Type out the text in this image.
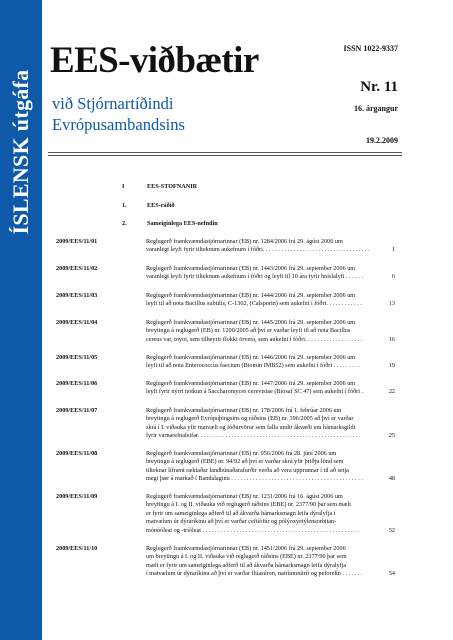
ÍSLENSK útgáfa
ISSN 1022-9337
EES-viðbætir
við Stjórnartíðindi
Evrópusambandsins
Nr. 11
16. árgangur
19.2.2009
I	EES-STOFNANIR
1.	EES-ráðið
2.	Sameiginlega EES-nefndin
2009/EES/11/01	Reglugerð framkvæmdastjórnarinnar (EB) nr. 1284/2006 frá 29. ágúst 2006 um
varanlegt leyfi fyrir tilteknum aukefnum í fóðri. . . . . . . . . . . . . . . . . . . . . . . . . . . . . . . . . . .	1
2009/EES/11/02	Reglugerð framkvæmdastjórnarinnar (EB) nr. 1443/2006 frá 29. september 2006 um
varanlegt leyfi fyrir tilteknum aukefnum í fóðri og leyfi til 10 ára fyrir hníslalyfi . . . . . .	6
2009/EES/11/03	Reglugerð framkvæmdastjórnarinnar (EB) nr. 1444/2006 frá 29. september 2006 um
leyfi til að nota Bacillus subtilis, C-1302, (Calsporin) sem aukefni í fóðri. . . . . . . . . . . .	13
2009/EES/11/04	Reglugerð framkvæmdastjórnarinnar (EB) nr. 1445/2006 frá 29. september 2006 um
breytingu á reglugerð (EB) nr. 1200/2005 að því er varðar leyfi til að nota Bacillus
cereus var, toyoi, sem tilheyrir flokki örvera, sem aukefni í fóðri. . . . . . . . . . . . . . . . . . .	16
2009/EES/11/05	Reglugerð framkvæmdastjórnarinnar (EB) nr. 1446/2006 frá 29. september 2006 um
leyfi til að nota Enterococcus faecium (Biomin IMB52) sem aukefni í fóðri . . . . . . . . .	19
2009/EES/11/06	Reglugerð framkvæmdastjórnarinnar (EB) nr. 1447/2006 frá 29. september 2006 um
leyfi fyrir nýrri notkun á Saccharomyces cerevisiae (Biosaf SC 47) sem aukefni í fóðri .	22
2009/EES/11/07	Reglugerð framkvæmdastjórnarinnar (EB) nr. 178/2006 frá 1. febrúar 2006 um
breytingu á reglugerð Evrópuþingsins og ráðsins (EB) nr. 396/2005 að því er varðar
skrá í I. viðauka yfir matvæli og fóðurvörur sem falla undir ákvæði um hámarksgildi
fyrir varnarefnaleifar. . . . . . . . . . . . . . . . . . . . . . . . . . . . . . . . . . . . . . . . . . . . . . . . . . . . .	25
2009/EES/11/08	Reglugerð framkvæmdastjórnarinnar (EB) nr. 956/2006 frá 28. júní 2006 um
breytingu á reglugerð (EBE) nr. 94/92 að því er varðar skrá yfir þriðju lönd sem
tilteknar lífrænt ræktaðar landbúnaðarafurðir verða að vera upprunnar í til að setja
megi þær á markað í Bandalaginu . . . . . . . . . . . . . . . . . . . . . . . . . . . . . . . . . . . . . . . . . . .	48
2009/EES/11/09	Reglugerð framkvæmdastjórnarinnar (EB) nr. 1231/2006 frá 16. ágúst 2006 um
breytingu á I. og II. viðauka við reglugerð ráðsins (EBE) nr. 2377/90 þar sem mælt
er fyrir um sameiginlega aðferð til að ákvarða hámarksmagn leifa dýralyfja í
matvælum úr dýraríkinu að því er varðar ceftíófúr og pólýoxýetýlensorbitan-
mónóóleat og -tríóleat . . . . . . . . . . . . . . . . . . . . . . . . . . . . . . . . . . . . . . . . . . . . . . . . . . .	52
2009/EES/11/10	Reglugerð framkvæmdastjórnarinnar (EB) nr. 1451/2006 frá 29. september 2006
um breytingu á I. og II. viðauka við reglugerð ráðsins (EBE) nr. 2377/90 þar sem
mælt er fyrir um sameiginlega aðferð til að ákvarða hámarksmagn leifa dýralyfja
í matvælum úr dýraríkinu að því er varðar flúasúron, natríumnítrít og peforelín . . . . . . .	54
